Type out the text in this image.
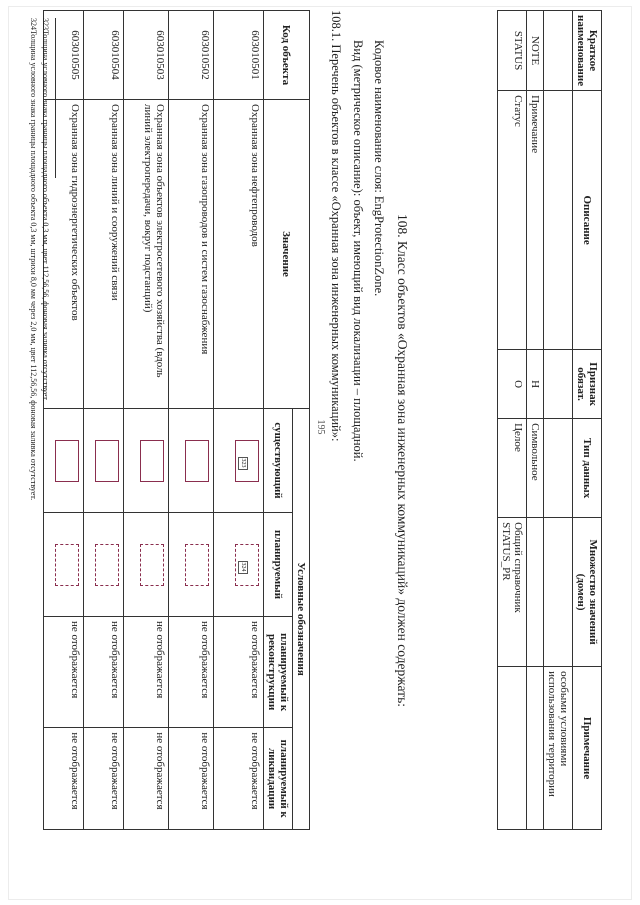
195
Краткое наименование	Описание	Признак обязат.	Тип данных	Множество значений (домен)	Примечание
					особыми условиями использования территории
NOTE	Примечание	Н	Символьное		
STATUS	Статус	О	Целое	Общий справочник STATUS_PR	
108. Класс объектов «Охранная зона инженерных коммуникаций» должен содержать:
Кодовое наименование слоя: EngProtectionZone.
Вид (метрическое описание): объект, имеющий вид локализации – площадной.
108.1. Перечень объектов в классе «Охранная зона инженерных коммуникаций»:
Код объекта	Значение	Условные обозначения			
		существующий	планируемый	планируемый к реконструкции	планируемый к ликвидации
603010501	Охранная зона нефтепроводов	323	324	не отображается	не отображается
603010502	Охранная зона газопроводов и систем газоснабжения			не отображается	не отображается
603010503	Охранная зона объектов электросетевого хозяйства (вдоль линий электропередачи, вокруг подстанций)			не отображается	не отображается
603010504	Охранная зона линий и сооружений связи			не отображается	не отображается
603010505	Охранная зона гидроэнергетических объектов			не отображается	не отображается
323Толщина условного знака границы площадного объекта 0,3 мм, цвет 112,56,56, фоновая заливка отсутствует.
324Толщина условного знака границы площадного объекта 0,3 мм, штрихи 8,0 мм через 2,0 мм, цвет 112,56,56, фоновая заливка отсутствует.
